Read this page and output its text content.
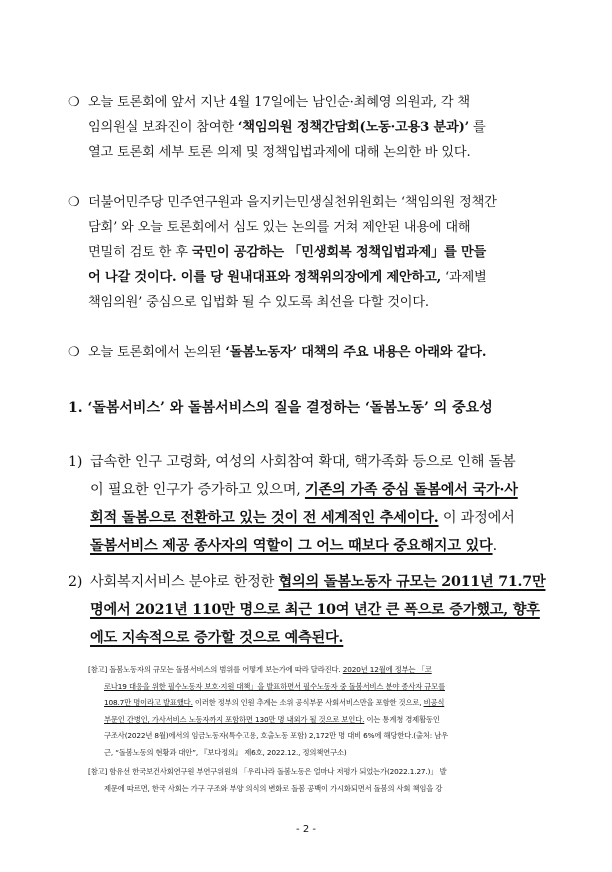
❍ 오늘 토론회에 앞서 지난 4월 17일에는 남인순·최혜영 의원과, 각 책
임의원실 보좌진이 참여한 ‘책임의원 정책간담회(노동·고용3 분과)’ 를
열고 토론회 세부 토론 의제 및 정책입법과제에 대해 논의한 바 있다.
❍ 더불어민주당 민주연구원과 을지키는민생실천위원회는 ‘책임의원 정책간
담회’ 와 오늘 토론회에서 심도 있는 논의를 거쳐 제안된 내용에 대해
면밀히 검토 한 후 국민이 공감하는 「민생회복 정책입법과제」를 만들
어 나갈 것이다. 이를 당 원내대표와 정책위의장에게 제안하고, ‘과제별
책임의원’ 중심으로 입법화 될 수 있도록 최선을 다할 것이다.
❍ 오늘 토론회에서 논의된 ‘돌봄노동자’ 대책의 주요 내용은 아래와 같다.
1. ‘돌봄서비스’ 와 돌봄서비스의 질을 결정하는 ‘돌봄노동’ 의 중요성
1) 급속한 인구 고령화, 여성의 사회참여 확대, 핵가족화 등으로 인해 돌봄
이 필요한 인구가 증가하고 있으며, 기존의 가족 중심 돌봄에서 국가·사
회적 돌봄으로 전환하고 있는 것이 전 세계적인 추세이다. 이 과정에서
돌봄서비스 제공 종사자의 역할이 그 어느 때보다 중요해지고 있다.
2) 사회복지서비스 분야로 한정한 협의의 돌봄노동자 규모는 2011년 71.7만
명에서 2021년 110만 명으로 최근 10여 년간 큰 폭으로 증가했고, 향후
에도 지속적으로 증가할 것으로 예측된다.
[참고] 돌봄노동자의 규모는 돌봄서비스의 범위를 어떻게 보는가에 따라 달라진다. 2020년 12월에 정부는 「코
로나19 대응을 위한 필수노동자 보호·지원 대책」을 발표하면서 필수노동자 중 돌봄서비스 분야 종사자 규모를
108.7만 명이라고 발표했다. 이러한 정부의 인원 추계는 소위 공식부문 사회서비스만을 포함한 것으로, 비공식
부문인 간병인, 가사서비스 노동자까지 포함하면 130만 명 내외가 될 것으로 보인다. 이는 통계청 경제활동인
구조사(2022년 8월)에서의 임금노동자(특수고용, 호출노동 포함) 2,172만 명 대비 6%에 해당한다.(출처: 남우
근, “돌봄노동의 현황과 대안”, 『보다정의』 제6호, 2022.12., 정의책연구소)
[참고] 함유선 한국보건사회연구원 부연구위원의 「우리나라 돌봄노동은 얼마나 저평가 되었는가(2022.1.27.)」 발
제문에 따르면, 한국 사회는 가구 구조와 부양 의식의 변화로 돌봄 공백이 가시화되면서 돌봄의 사회 책임을 강
- 2 -
